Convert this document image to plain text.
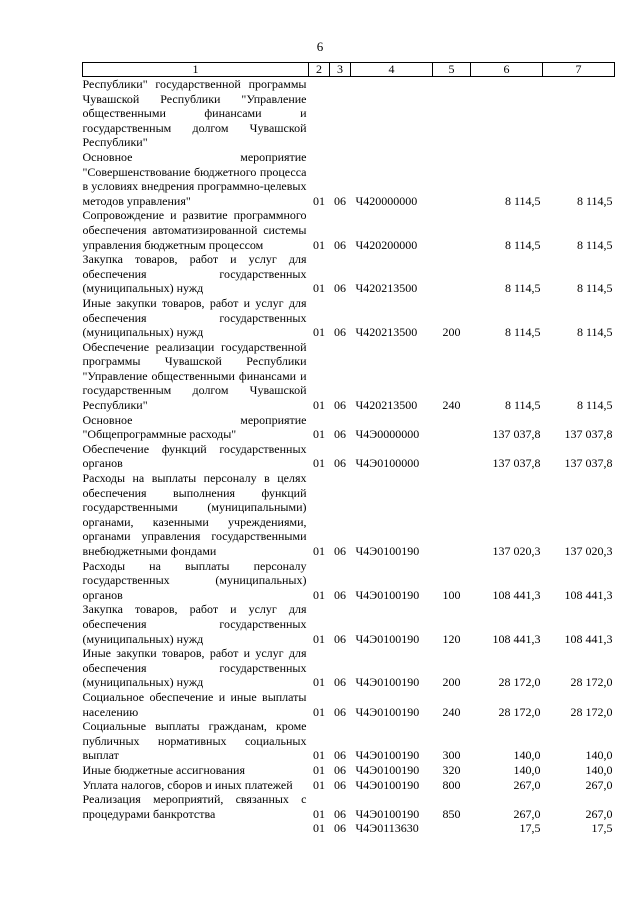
6
1	2	3	4	5	6	7
Республики" государственной программы Чувашской Республики "Управление общественными финансами и государственным долгом Чувашской Республики"						
Основное мероприятие "Совершенствование бюджетного процесса в условиях внедрения программно-целевых методов управления"	01	06	Ч420000000		8 114,5	8 114,5
Сопровождение и развитие программного обеспечения автоматизированной системы управления бюджетным процессом	01	06	Ч420200000		8 114,5	8 114,5
Закупка товаров, работ и услуг для обеспечения государственных (муниципальных) нужд	01	06	Ч420213500		8 114,5	8 114,5
Иные закупки товаров, работ и услуг для обеспечения государственных (муниципальных) нужд	01	06	Ч420213500	200	8 114,5	8 114,5
Обеспечение реализации государственной программы Чувашской Республики "Управление общественными финансами и государственным долгом Чувашской Республики"	01	06	Ч420213500	240	8 114,5	8 114,5
Основное мероприятие "Общепрограммные расходы"	01	06	Ч4Э0000000		137 037,8	137 037,8
Обеспечение функций государственных органов	01	06	Ч4Э0100000		137 037,8	137 037,8
Расходы на выплаты персоналу в целях обеспечения выполнения функций государственными (муниципальными) органами, казенными учреждениями, органами управления государственными внебюджетными фондами	01	06	Ч4Э0100190		137 020,3	137 020,3
Расходы на выплаты персоналу государственных (муниципальных) органов	01	06	Ч4Э0100190	100	108 441,3	108 441,3
Закупка товаров, работ и услуг для обеспечения государственных (муниципальных) нужд	01	06	Ч4Э0100190	120	108 441,3	108 441,3
Иные закупки товаров, работ и услуг для обеспечения государственных (муниципальных) нужд	01	06	Ч4Э0100190	200	28 172,0	28 172,0
Социальное обеспечение и иные выплаты населению	01	06	Ч4Э0100190	240	28 172,0	28 172,0
Социальные выплаты гражданам, кроме публичных нормативных социальных выплат	01	06	Ч4Э0100190	300	140,0	140,0
Иные бюджетные ассигнования	01	06	Ч4Э0100190	320	140,0	140,0
Уплата налогов, сборов и иных платежей	01	06	Ч4Э0100190	800	267,0	267,0
Реализация мероприятий, связанных с процедурами банкротства	01	06	Ч4Э0100190	850	267,0	267,0
	01	06	Ч4Э0113630		17,5	17,5
